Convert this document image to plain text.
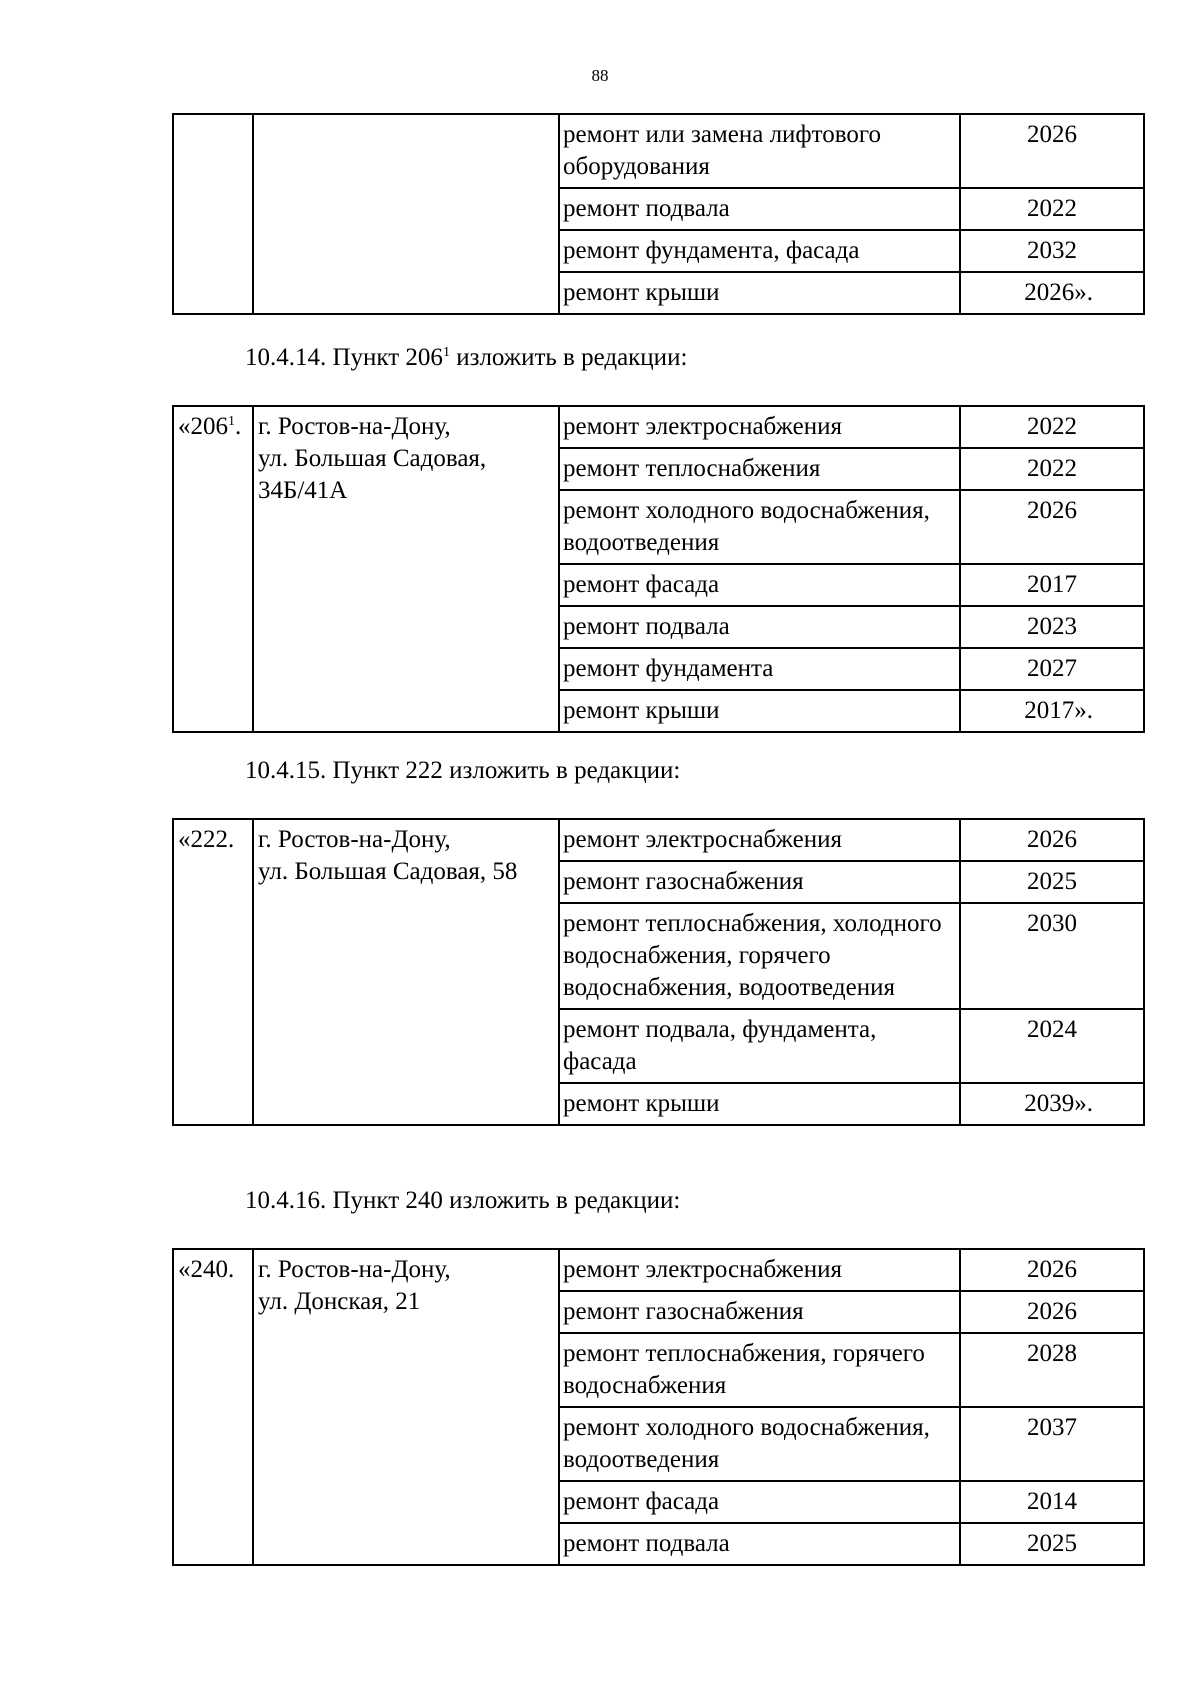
88
		ремонт или замена лифтового оборудования	2026
		ремонт подвала	2022
		ремонт фундамента, фасада	2032
		ремонт крыши	2026».
10.4.14. Пункт $206^1$ изложить в редакции:
«$206^1$.	г. Ростов-на-Дону,
ул. Большая Садовая,
34Б/41А	ремонт электроснабжения	2022
		ремонт теплоснабжения	2022
		ремонт холодного водоснабжения, водоотведения	2026
		ремонт фасада	2017
		ремонт подвала	2023
		ремонт фундамента	2027
		ремонт крыши	2017».
10.4.15. Пункт 222 изложить в редакции:
«222.	г. Ростов-на-Дону,
ул. Большая Садовая, 58	ремонт электроснабжения	2026
		ремонт газоснабжения	2025
		ремонт теплоснабжения, холодного водоснабжения, горячего водоснабжения, водоотведения	2030
		ремонт подвала, фундамента, фасада	2024
		ремонт крыши	2039».
10.4.16. Пункт 240 изложить в редакции:
«240.	г. Ростов-на-Дону,
ул. Донская, 21	ремонт электроснабжения	2026
		ремонт газоснабжения	2026
		ремонт теплоснабжения, горячего водоснабжения	2028
		ремонт холодного водоснабжения, водоотведения	2037
		ремонт фасада	2014
		ремонт подвала	2025
